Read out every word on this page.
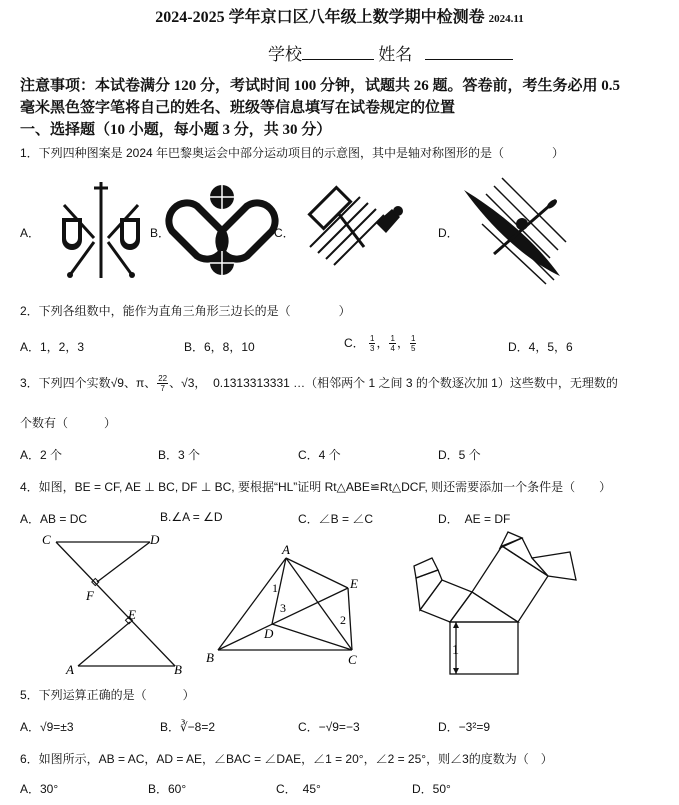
2024-2025 学年京口区八年级上数学期中检测卷 2024.11
学校	姓名
注意事项：本试卷满分 120 分，考试时间 100 分钟，试题共 26 题。答卷前，考生务必用 0.5
毫米黑色签字笔将自己的姓名、班级等信息填写在试卷规定的位置
一、选择题（10 小题，每小题 3 分，共 30 分）
1．下列四种图案是 2024 年巴黎奥运会中部分运动项目的示意图，其中是轴对称图形的是（　　　　）
A．	B．	C．	D．
2．下列各组数中，能作为直角三角形三边长的是（　　　　）
A．1，2，3	B．6，8，10	C． $\frac{1}{3}$， $\frac{1}{4}$， $\frac{1}{5}$	D．4，5，6
3．下列四个实数√9、π、 $\frac{22}{7}$、√3， 0.1313313331 …（相邻两个 1 之间 3 的个数逐次加 1）这些数中，无理数的
个数有（　　　）
A．2 个	B．3 个	C．4 个	D．5 个
4．如图，BE = CF, AE ⊥ BC, DF ⊥ BC, 要根据“HL”证明 Rt△ABE≌Rt△DCF, 则还需要添加一个条件是（　　）
A．AB = DC	B.∠A = ∠D	C．∠B = ∠C	D．　AE = DF
C	D
F
E
A	B
A
E
D
B	C
1
2
3
1
5．下列运算正确的是（　　　）
A．√9=±3	B．∛−8=2	C．−√9=−3	D．−3²=9
6．如图所示，AB = AC，AD = AE，∠BAC = ∠DAE，∠1 = 20°，∠2 = 25°，则∠3的度数为（　）
A．30°	B．60°	C．　45°	D．50°
